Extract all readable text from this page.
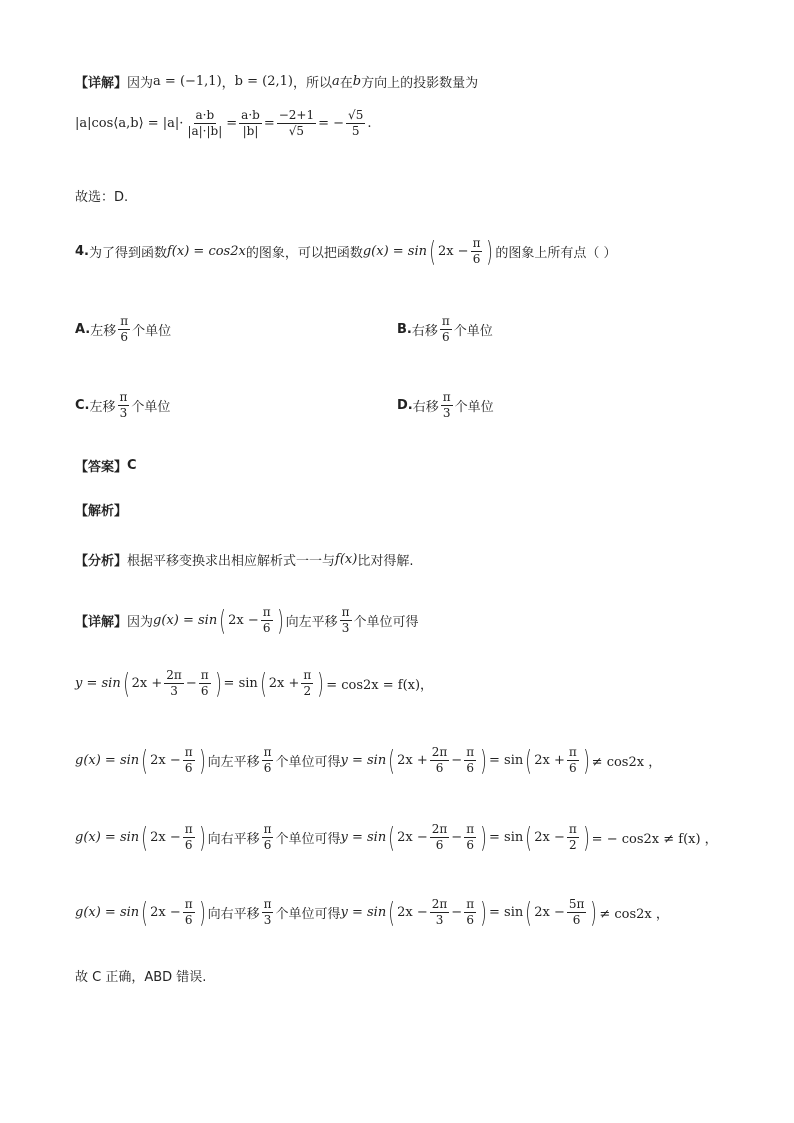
【详解】 因为 a = (−1,1) ， b = (2,1) ，所以 a 在 b 方向上的投影数量为
|a|cos⟨a,b⟩ = $|a|\cdot \frac{a\cdot b}{|a|\cdot|b|} = \frac{a\cdot b}{|b|} = \frac{-2+1}{√5}$ = − $\frac{√5}{5}$ .
故选：D.
4. 为了得到函数 f(x) = cos2x 的图象，可以把函数 g(x) = sin ( $2x - \frac{\pi}{6}$ ) 的图象上所有点（ ）
A. 左移 $\frac{\pi}{6}$ 个单位	B. 右移 $\frac{\pi}{6}$ 个单位
C. 左移 $\frac{\pi}{3}$ 个单位	D. 右移 $\frac{\pi}{3}$ 个单位
【答案】 C
【解析】
【分析】 根据平移变换求出相应解析式一一与 f(x) 比对得解.
【详解】 因为 g(x) = sin ( $2x - \frac{\pi}{6}$ ) 向左平移 $\frac{\pi}{3}$ 个单位可得
y = sin ( $2x + \frac{2\pi}{3} - \frac{\pi}{6}$ ) = sin ( $2x + \frac{\pi}{2}$ ) = cos2x = f(x)，
g(x) = sin ( $2x - \frac{\pi}{6}$ ) 向左平移 $\frac{\pi}{6}$ 个单位可得 y = sin ( $2x + \frac{2\pi}{6} - \frac{\pi}{6}$ ) = sin ( $2x + \frac{\pi}{6}$ ) ≠ cos2x ，
g(x) = sin ( $2x - \frac{\pi}{6}$ ) 向右平移 $\frac{\pi}{6}$ 个单位可得 y = sin ( $2x - \frac{2\pi}{6} - \frac{\pi}{6}$ ) = sin ( $2x - \frac{\pi}{2}$ ) = − cos2x ≠ f(x) ，
g(x) = sin ( $2x - \frac{\pi}{6}$ ) 向右平移 $\frac{\pi}{3}$ 个单位可得 y = sin ( $2x - \frac{2\pi}{3} - \frac{\pi}{6}$ ) = sin ( $2x - \frac{5\pi}{6}$ ) ≠ cos2x ，
故 C 正确，ABD 错误.
